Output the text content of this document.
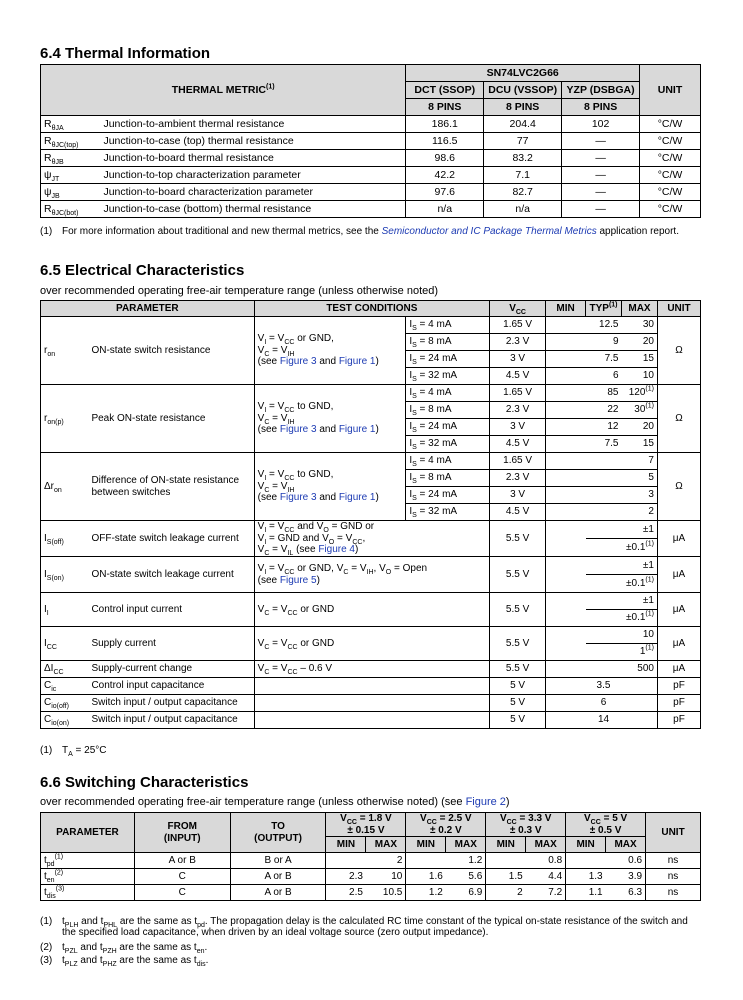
6.4 Thermal Information
THERMAL METRIC$^{(1)}$		SN74LVC2G66			UNIT
		DCT (SSOP)	DCU (VSSOP)	YZP (DSBGA)	
		8 PINS	8 PINS	8 PINS	
$R_{\theta JA}$	Junction-to-ambient thermal resistance	186.1	204.4	102	°C/W
$R_{\theta JC(top)}$	Junction-to-case (top) thermal resistance	116.5	77	—	°C/W
$R_{\theta JB}$	Junction-to-board thermal resistance	98.6	83.2	—	°C/W
$\psi_{JT}$	Junction-to-top characterization parameter	42.2	7.1	—	°C/W
$\psi_{JB}$	Junction-to-board characterization parameter	97.6	82.7	—	°C/W
$R_{\theta JC(bot)}$	Junction-to-case (bottom) thermal resistance	n/a	n/a	—	°C/W
(1) For more information about traditional and new thermal metrics, see the Semiconductor and IC Package Thermal Metrics application report.
6.5 Electrical Characteristics

over recommended operating free-air temperature range (unless otherwise noted)

PARAMETER		TEST CONDITIONS		$V_{CC}$	MIN	TYP$^{(1)}$	MAX	UNIT
$r_{on}$	ON-state switch resistance	$V_I = V_{CC}$ or GND,
$V_C = V_{IH}$
(see Figure 3 and Figure 1)	$I_S = 4$ mA	1.65 V		12.5	30	Ω
			$I_S = 8$ mA	2.3 V		9	20	
			$I_S = 24$ mA	3 V		7.5	15	
			$I_S = 32$ mA	4.5 V		6	10	
$r_{on(p)}$	Peak ON-state resistance	$V_I = V_{CC}$ to GND,
$V_C = V_{IH}$
(see Figure 3 and Figure 1)	$I_S = 4$ mA	1.65 V		85	120$^{(1)}$	Ω
			$I_S = 8$ mA	2.3 V		22	30$^{(1)}$
			$I_S = 24$ mA	3 V		12	20	
			$I_S = 32$ mA	4.5 V		7.5	15	
$\Delta r_{on}$	Difference of ON-state resistance
between switches	$V_I = V_{CC}$ to GND,
$V_C = V_{IH}$
(see Figure 3 and Figure 1)	$I_S = 4$ mA	1.65 V			7	Ω
			$I_S = 8$ mA	2.3 V			5	
			$I_S = 24$ mA	3 V			3	
			$I_S = 32$ mA	4.5 V			2	
$I_{S(off)}$	OFF-state switch leakage current	$V_I = V_{CC}$ and $V_O$ = GND or
$V_I$ = GND and $V_O = V_{CC}$,
$V_C = V_{IL}$ (see Figure 4)		5.5 V		±1		μA
						$\pm 0.1^{(1)}$
$I_{S(on)}$	ON-state switch leakage current	$V_I = V_{CC}$ or GND, $V_C = V_{IH}$, $V_O$ = Open
(see Figure 5)		5.5 V		±1		μA
						$\pm 0.1^{(1)}$
$I_I$	Control input current	$V_C = V_{CC}$ or GND		5.5 V		±1		μA
						$\pm 0.1^{(1)}$
$I_{CC}$	Supply current	$V_C = V_{CC}$ or GND		5.5 V		10		μA
						1$^{(1)}$
$\Delta I_{CC}$	Supply-current change	$V_C = V_{CC} - 0.6$ V		5.5 V		500		μA
$C_{ic}$	Control input capacitance			5 V		3.5		pF
$C_{io(off)}$	Switch input / output capacitance			5 V		6		pF
$C_{io(on)}$	Switch input / output capacitance			5 V		14		pF
(1) $T_A = 25^\circ C$
6.6 Switching Characteristics

over recommended operating free-air temperature range (unless otherwise noted) (see Figure 2)

PARAMETER	FROM
(INPUT)	TO
(OUTPUT)	$V_{CC} = 1.8$ V
± 0.15 V		$V_{CC} = 2.5$ V
± 0.2 V		$V_{CC} = 3.3$ V
± 0.3 V		$V_{CC} = 5$ V
± 0.5 V		UNIT
			MIN	MAX	MIN	MAX	MIN	MAX	MIN	MAX	
$t_{pd}^{(1)}$	A or B	B or A		2		1.2		0.8		0.6	ns
$t_{en}^{(2)}$	C	A or B	2.3	10	1.6	5.6	1.5	4.4	1.3	3.9	ns
$t_{dis}^{(3)}$	C	A or B	2.5	10.5	1.2	6.9	2	7.2	1.1	6.3	ns
(1) $t_{PLH}$ and $t_{PHL}$ are the same as $t_{pd}$. The propagation delay is the calculated RC time constant of the typical on-state resistance of the switch and the specified load capacitance, when driven by an ideal voltage source (zero output impedance).
(2) $t_{PZL}$ and $t_{PZH}$ are the same as $t_{en}$.
(3) $t_{PLZ}$ and $t_{PHZ}$ are the same as $t_{dis}$.
